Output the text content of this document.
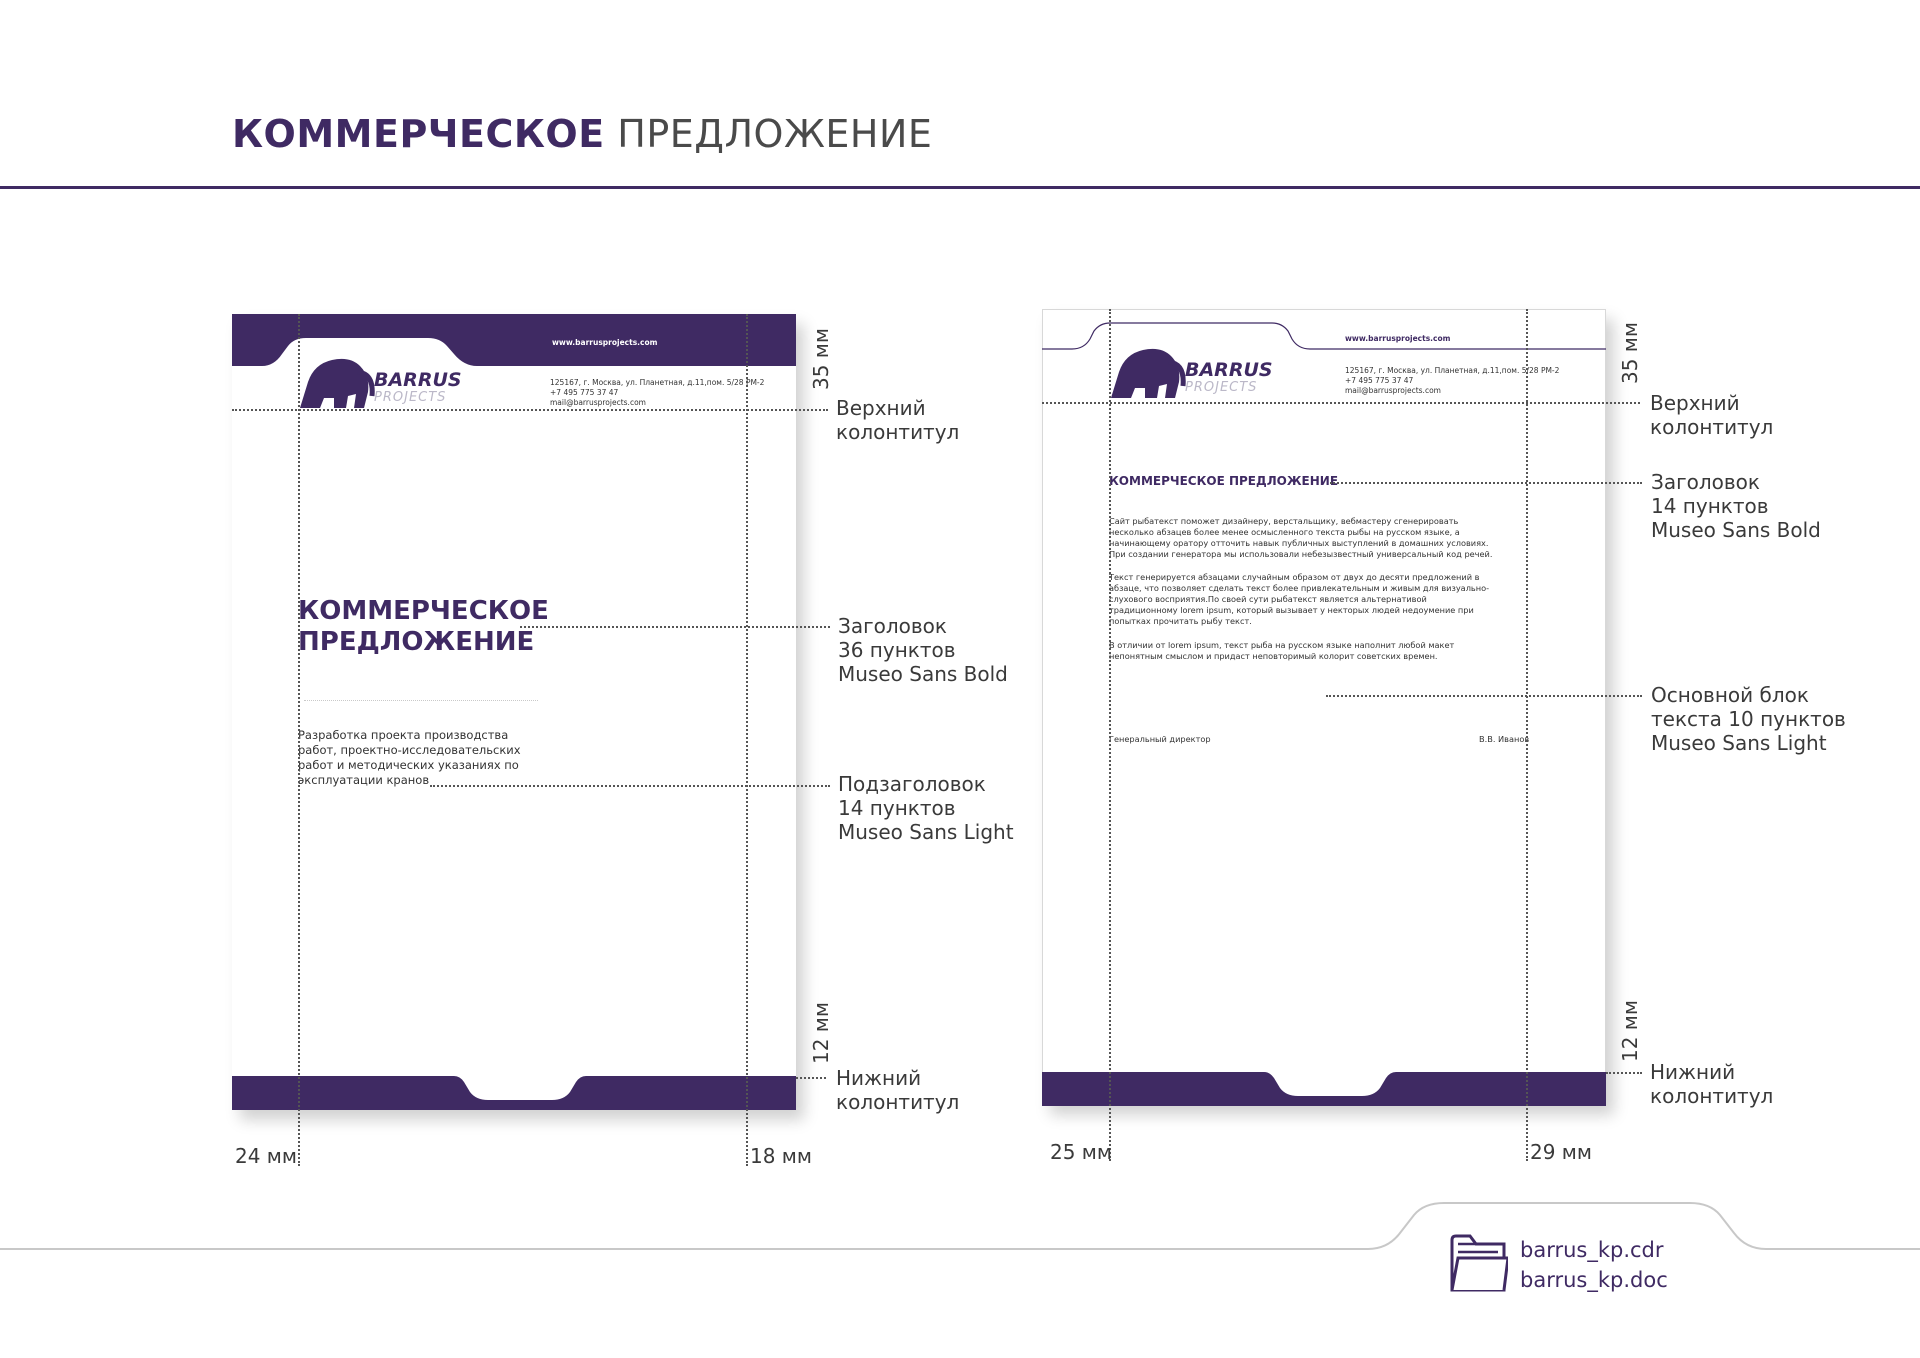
КОММЕРЧЕСКОЕ ПРЕДЛОЖЕНИЕ
www.barrusprojects.com
BARRUS
PROJECTS
125167, г. Москва, ул. Планетная, д.11,пом. 5/28 РМ-2
+7 495 775 37 47
mail@barrusprojects.com
КОММЕРЧЕСКОЕ
ПРЕДЛОЖЕНИЕ
Разработка проекта производства
работ, проектно-исследовательских
работ и методических указаниях по
эксплуатации кранов
35 мм
12 мм
24 мм	18 мм
Верхний
колонтитул
Заголовок
36 пунктов
Museo Sans Bold
Подзаголовок
14 пунктов
Museo Sans Light
Нижний
колонтитул
www.barrusprojects.com
BARRUS
PROJECTS
125167, г. Москва, ул. Планетная, д.11,пом. 5/28 РМ-2
+7 495 775 37 47
mail@barrusprojects.com
КОММЕРЧЕСКОЕ ПРЕДЛОЖЕНИЕ
Сайт рыбатекст поможет дизайнеру, верстальщику, вебмастеру сгенерировать
несколько абзацев более менее осмысленного текста рыбы на русском языке, а
начинающему оратору отточить навык публичных выступлений в домашних условиях.
При создании генератора мы использовали небезызвестный универсальный код речей.
Текст генерируется абзацами случайным образом от двух до десяти предложений в
абзаце, что позволяет сделать текст более привлекательным и живым для визуально-
слухового восприятия.По своей сути рыбатекст является альтернативой
традиционному lorem ipsum, который вызывает у некторых людей недоумение при
попытках прочитать рыбу текст.
В отличии от lorem ipsum, текст рыба на русском языке наполнит любой макет
непонятным смыслом и придаст неповторимый колорит советских времен.
Генеральный директор	В.В. Иванов
35 мм
12 мм
25 мм	29 мм
Верхний
колонтитул
Заголовок
14 пунктов
Museo Sans Bold
Основной блок
текста 10 пунктов
Museo Sans Light
Нижний
колонтитул
barrus_kp.cdr
barrus_kp.doc
